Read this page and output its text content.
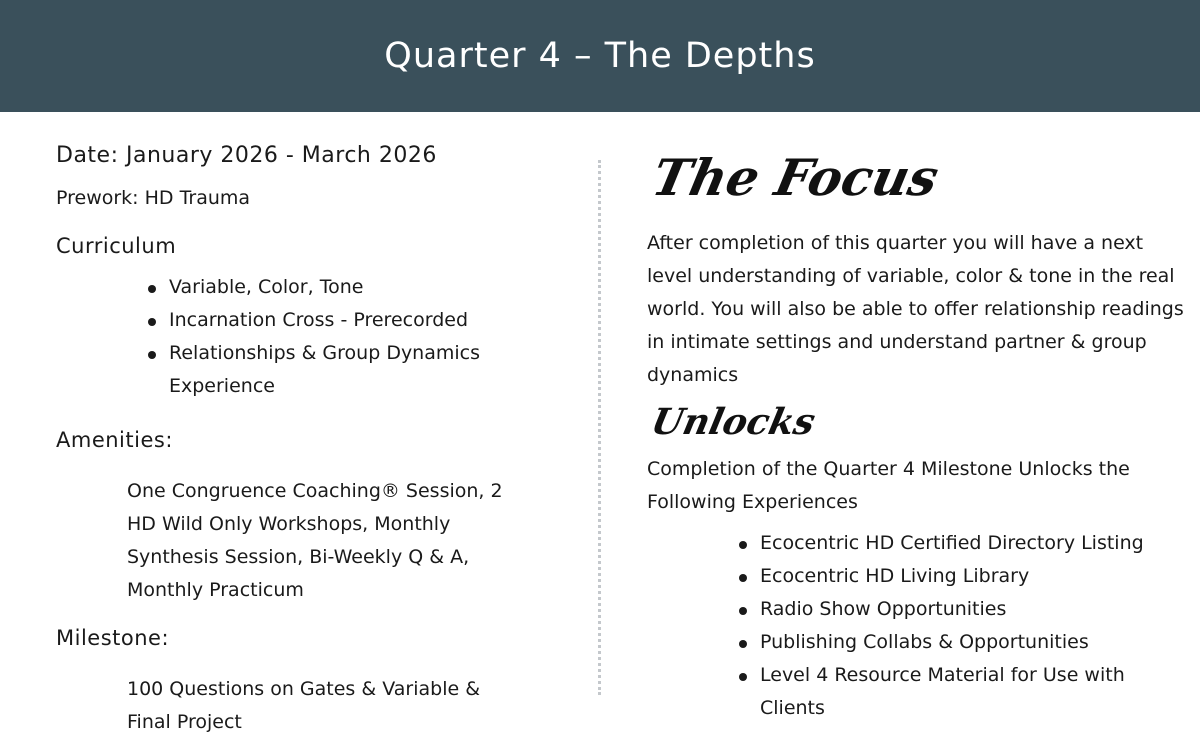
Quarter 4 – The Depths
Date: January 2026 - March 2026
Prework: HD Trauma
Curriculum
Variable, Color, Tone
Incarnation Cross - Prerecorded
Relationships & Group Dynamics Experience
Amenities:
One Congruence Coaching® Session, 2 HD Wild Only Workshops, Monthly Synthesis Session, Bi-Weekly Q & A, Monthly Practicum
Milestone:
100 Questions on Gates & Variable & Final Project
The Focus
After completion of this quarter you will have a next level understanding of variable, color & tone in the real world. You will also be able to offer relationship readings in intimate settings and understand partner & group dynamics
Unlocks
Completion of the Quarter 4 Milestone Unlocks the Following Experiences
Ecocentric HD Certified Directory Listing
Ecocentric HD Living Library
Radio Show Opportunities
Publishing Collabs & Opportunities
Level 4 Resource Material for Use with Clients
